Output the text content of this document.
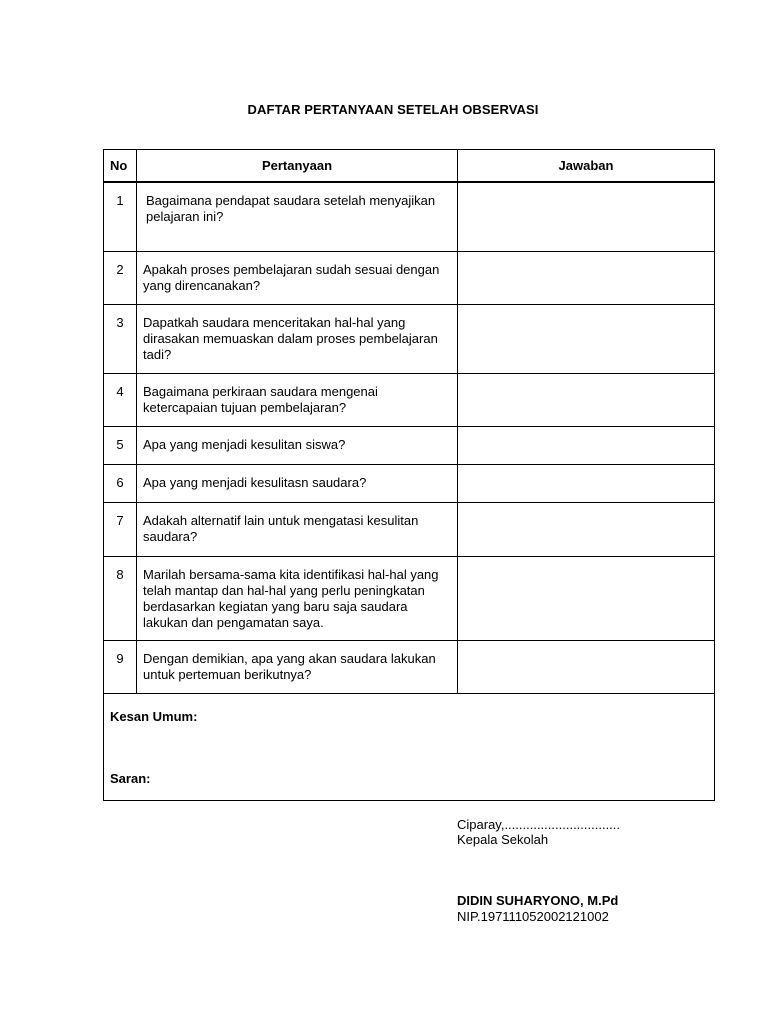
DAFTAR PERTANYAAN SETELAH OBSERVASI
No	Pertanyaan	Jawaban
1	Bagaimana pendapat saudara setelah menyajikan pelajaran ini?	
2	Apakah proses pembelajaran sudah sesuai dengan yang direncanakan?	
3	Dapatkah saudara menceritakan hal-hal yang dirasakan memuaskan dalam proses pembelajaran tadi?	
4	Bagaimana perkiraan saudara mengenai ketercapaian tujuan pembelajaran?	
5	Apa yang menjadi kesulitan siswa?	
6	Apa yang menjadi kesulitasn saudara?	
7	Adakah alternatif lain untuk mengatasi kesulitan saudara?	
8	Marilah bersama-sama kita identifikasi hal-hal yang telah mantap dan hal-hal yang perlu peningkatan berdasarkan kegiatan yang baru saja saudara lakukan dan pengamatan saya.	
9	Dengan demikian, apa yang akan saudara lakukan untuk pertemuan berikutnya?	

Kesan Umum:
Saran:		
Ciparay,................................
Kepala Sekolah
DIDIN SUHARYONO, M.Pd
NIP.197111052002121002
